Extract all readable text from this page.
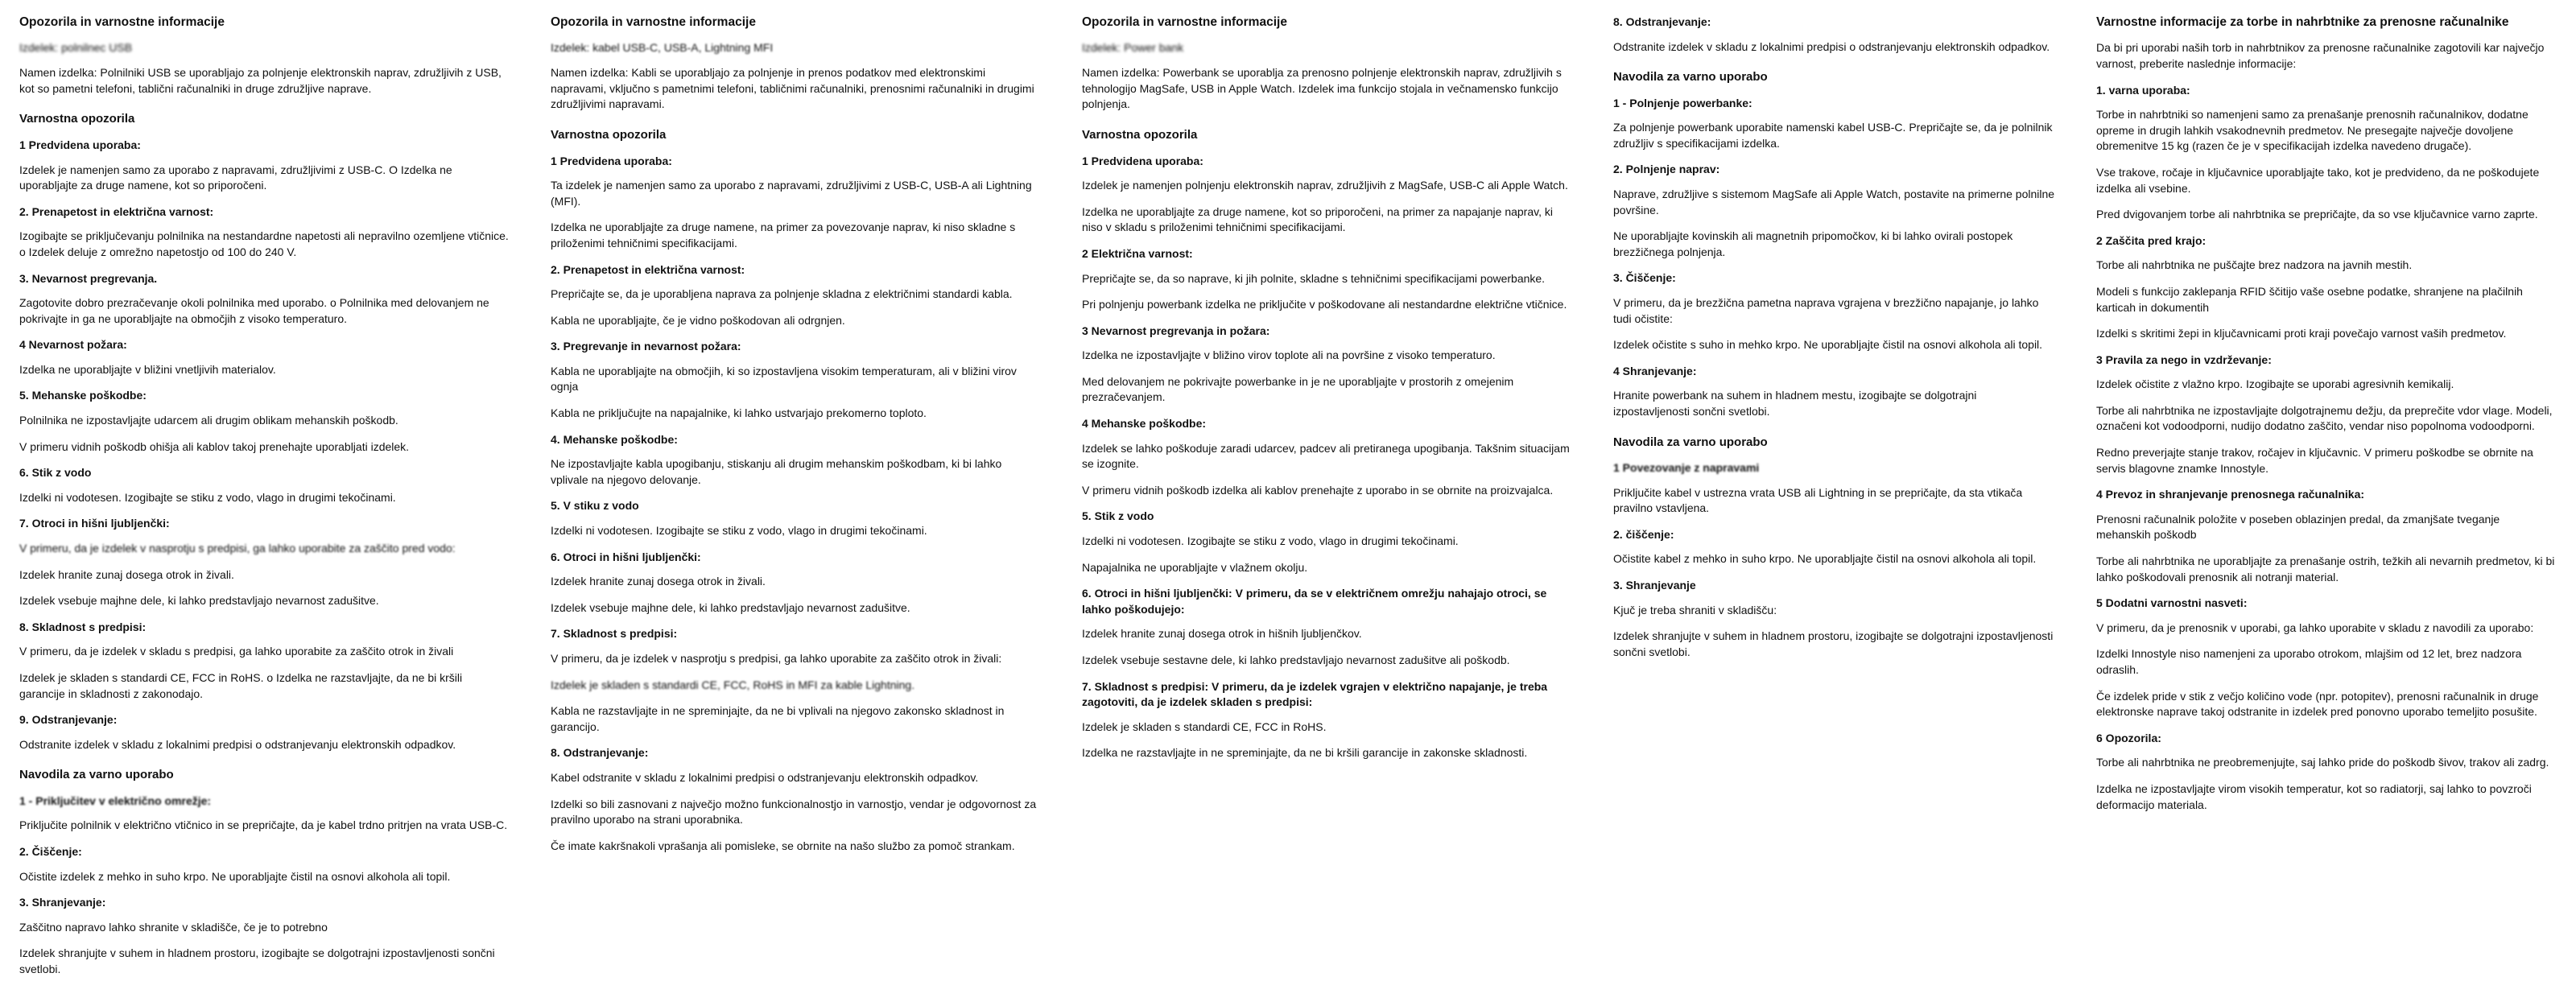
Opozorila in varnostne informacije

Izdelek: polnilnec USB

Namen izdelka: Polnilniki USB se uporabljajo za polnjenje elektronskih naprav, združljivih z USB, kot so pametni telefoni, tablični računalniki in druge združljive naprave.

Varnostna opozorila
1 Predvidena uporaba:

Izdelek je namenjen samo za uporabo z napravami, združljivimi z USB-C. O Izdelka ne uporabljajte za druge namene, kot so priporočeni.

2. Prenapetost in električna varnost:

Izogibajte se priključevanju polnilnika na nestandardne napetosti ali nepravilno ozemljene vtičnice. o Izdelek deluje z omrežno napetostjo od 100 do 240 V.

3. Nevarnost pregrevanja.

Zagotovite dobro prezračevanje okoli polnilnika med uporabo. o Polnilnika med delovanjem ne pokrivajte in ga ne uporabljajte na območjih z visoko temperaturo.

4 Nevarnost požara:

Izdelka ne uporabljajte v bližini vnetljivih materialov.

5. Mehanske poškodbe:

Polnilnika ne izpostavljajte udarcem ali drugim oblikam mehanskih poškodb.

V primeru vidnih poškodb ohišja ali kablov takoj prenehajte uporabljati izdelek.

6. Stik z vodo

Izdelki ni vodotesen. Izogibajte se stiku z vodo, vlago in drugimi tekočinami.

7. Otroci in hišni ljubljenčki:

V primeru, da je izdelek v nasprotju s predpisi, ga lahko uporabite za zaščito pred vodo:

Izdelek hranite zunaj dosega otrok in živali.

Izdelek vsebuje majhne dele, ki lahko predstavljajo nevarnost zadušitve.

8. Skladnost s predpisi:

V primeru, da je izdelek v skladu s predpisi, ga lahko uporabite za zaščito otrok in živali

Izdelek je skladen s standardi CE, FCC in RoHS. o Izdelka ne razstavljajte, da ne bi kršili garancije in skladnosti z zakonodajo.

9. Odstranjevanje:

Odstranite izdelek v skladu z lokalnimi predpisi o odstranjevanju elektronskih odpadkov.

Navodila za varno uporabo
1 - Priključitev v električno omrežje:

Priključite polnilnik v električno vtičnico in se prepričajte, da je kabel trdno pritrjen na vrata USB-C.

2. Čiščenje:

Očistite izdelek z mehko in suho krpo. Ne uporabljajte čistil na osnovi alkohola ali topil.

3. Shranjevanje:

Zaščitno napravo lahko shranite v skladišče, če je to potrebno

Izdelek shranjujte v suhem in hladnem prostoru, izogibajte se dolgotrajni izpostavljenosti sončni svetlobi.

Opozorila in varnostne informacije

Izdelek: kabel USB-C, USB-A, Lightning MFI

Namen izdelka: Kabli se uporabljajo za polnjenje in prenos podatkov med elektronskimi napravami, vključno s pametnimi telefoni, tabličnimi računalniki, prenosnimi računalniki in drugimi združljivimi napravami.

Varnostna opozorila
1 Predvidena uporaba:

Ta izdelek je namenjen samo za uporabo z napravami, združljivimi z USB-C, USB-A ali Lightning (MFI).

Izdelka ne uporabljajte za druge namene, na primer za povezovanje naprav, ki niso skladne s priloženimi tehničnimi specifikacijami.

2. Prenapetost in električna varnost:

Prepričajte se, da je uporabljena naprava za polnjenje skladna z električnimi standardi kabla.

Kabla ne uporabljajte, če je vidno poškodovan ali odrgnjen.

3. Pregrevanje in nevarnost požara:

Kabla ne uporabljajte na območjih, ki so izpostavljena visokim temperaturam, ali v bližini virov ognja

Kabla ne priključujte na napajalnike, ki lahko ustvarjajo prekomerno toploto.

4. Mehanske poškodbe:

Ne izpostavljajte kabla upogibanju, stiskanju ali drugim mehanskim poškodbam, ki bi lahko vplivale na njegovo delovanje.

5. V stiku z vodo

Izdelki ni vodotesen. Izogibajte se stiku z vodo, vlago in drugimi tekočinami.

6. Otroci in hišni ljubljenčki:

Izdelek hranite zunaj dosega otrok in živali.

Izdelek vsebuje majhne dele, ki lahko predstavljajo nevarnost zadušitve.

7. Skladnost s predpisi:

V primeru, da je izdelek v nasprotju s predpisi, ga lahko uporabite za zaščito otrok in živali:

Izdelek je skladen s standardi CE, FCC, RoHS in MFI za kable Lightning.

Kabla ne razstavljajte in ne spreminjajte, da ne bi vplivali na njegovo zakonsko skladnost in garancijo.

8. Odstranjevanje:

Kabel odstranite v skladu z lokalnimi predpisi o odstranjevanju elektronskih odpadkov.

Izdelki so bili zasnovani z največjo možno funkcionalnostjo in varnostjo, vendar je odgovornost za pravilno uporabo na strani uporabnika.

Če imate kakršnakoli vprašanja ali pomisleke, se obrnite na našo službo za pomoč strankam.

Opozorila in varnostne informacije

Izdelek: Power bank

Namen izdelka: Powerbank se uporablja za prenosno polnjenje elektronskih naprav, združljivih s tehnologijo MagSafe, USB in Apple Watch. Izdelek ima funkcijo stojala in večnamensko funkcijo polnjenja.

Varnostna opozorila
1 Predvidena uporaba:

Izdelek je namenjen polnjenju elektronskih naprav, združljivih z MagSafe, USB-C ali Apple Watch.

Izdelka ne uporabljajte za druge namene, kot so priporočeni, na primer za napajanje naprav, ki niso v skladu s priloženimi tehničnimi specifikacijami.

2 Električna varnost:

Prepričajte se, da so naprave, ki jih polnite, skladne s tehničnimi specifikacijami powerbanke.

Pri polnjenju powerbank izdelka ne priključite v poškodovane ali nestandardne električne vtičnice.

3 Nevarnost pregrevanja in požara:

Izdelka ne izpostavljajte v bližino virov toplote ali na površine z visoko temperaturo.

Med delovanjem ne pokrivajte powerbanke in je ne uporabljajte v prostorih z omejenim prezračevanjem.

4 Mehanske poškodbe:

Izdelek se lahko poškoduje zaradi udarcev, padcev ali pretiranega upogibanja. Takšnim situacijam se izognite.

V primeru vidnih poškodb izdelka ali kablov prenehajte z uporabo in se obrnite na proizvajalca.

5. Stik z vodo

Izdelki ni vodotesen. Izogibajte se stiku z vodo, vlago in drugimi tekočinami.

Napajalnika ne uporabljajte v vlažnem okolju.

6. Otroci in hišni ljubljenčki: V primeru, da se v električnem omrežju nahajajo otroci, se lahko poškodujejo:

Izdelek hranite zunaj dosega otrok in hišnih ljubljenčkov.

Izdelek vsebuje sestavne dele, ki lahko predstavljajo nevarnost zadušitve ali poškodb.

7. Skladnost s predpisi: V primeru, da je izdelek vgrajen v električno napajanje, je treba zagotoviti, da je izdelek skladen s predpisi:

Izdelek je skladen s standardi CE, FCC in RoHS.

Izdelka ne razstavljajte in ne spreminjajte, da ne bi kršili garancije in zakonske skladnosti.

8. Odstranjevanje:

Odstranite izdelek v skladu z lokalnimi predpisi o odstranjevanju elektronskih odpadkov.

Navodila za varno uporabo
1 - Polnjenje powerbanke:

Za polnjenje powerbank uporabite namenski kabel USB-C. Prepričajte se, da je polnilnik združljiv s specifikacijami izdelka.

2. Polnjenje naprav:

Naprave, združljive s sistemom MagSafe ali Apple Watch, postavite na primerne polnilne površine.

Ne uporabljajte kovinskih ali magnetnih pripomočkov, ki bi lahko ovirali postopek brezžičnega polnjenja.

3. Čiščenje:

V primeru, da je brezžična pametna naprava vgrajena v brezžično napajanje, jo lahko tudi očistite:

Izdelek očistite s suho in mehko krpo. Ne uporabljajte čistil na osnovi alkohola ali topil.

4 Shranjevanje:

Hranite powerbank na suhem in hladnem mestu, izogibajte se dolgotrajni izpostavljenosti sončni svetlobi.

Navodila za varno uporabo
1 Povezovanje z napravami

Priključite kabel v ustrezna vrata USB ali Lightning in se prepričajte, da sta vtikača pravilno vstavljena.

2. čiščenje:

Očistite kabel z mehko in suho krpo. Ne uporabljajte čistil na osnovi alkohola ali topil.

3. Shranjevanje

Kjuč je treba shraniti v skladišču:

Izdelek shranjujte v suhem in hladnem prostoru, izogibajte se dolgotrajni izpostavljenosti sončni svetlobi.

Varnostne informacije za torbe in nahrbtnike za prenosne računalnike

Da bi pri uporabi naših torb in nahrbtnikov za prenosne računalnike zagotovili kar največjo varnost, preberite naslednje informacije:

1. varna uporaba:

Torbe in nahrbtniki so namenjeni samo za prenašanje prenosnih računalnikov, dodatne opreme in drugih lahkih vsakodnevnih predmetov. Ne presegajte največje dovoljene obremenitve 15 kg (razen če je v specifikacijah izdelka navedeno drugače).

Vse trakove, ročaje in ključavnice uporabljajte tako, kot je predvideno, da ne poškodujete izdelka ali vsebine.

Pred dvigovanjem torbe ali nahrbtnika se prepričajte, da so vse ključavnice varno zaprte.

2 Zaščita pred krajo:

Torbe ali nahrbtnika ne puščajte brez nadzora na javnih mestih.

Modeli s funkcijo zaklepanja RFID ščitijo vaše osebne podatke, shranjene na plačilnih karticah in dokumentih

Izdelki s skritimi žepi in ključavnicami proti kraji povečajo varnost vaših predmetov.

3 Pravila za nego in vzdrževanje:

Izdelek očistite z vlažno krpo. Izogibajte se uporabi agresivnih kemikalij.

Torbe ali nahrbtnika ne izpostavljajte dolgotrajnemu dežju, da preprečite vdor vlage. Modeli, označeni kot vodoodporni, nudijo dodatno zaščito, vendar niso popolnoma vodoodporni.

Redno preverjajte stanje trakov, ročajev in ključavnic. V primeru poškodbe se obrnite na servis blagovne znamke Innostyle.

4 Prevoz in shranjevanje prenosnega računalnika:

Prenosni računalnik položite v poseben oblazinjen predal, da zmanjšate tveganje mehanskih poškodb

Torbe ali nahrbtnika ne uporabljajte za prenašanje ostrih, težkih ali nevarnih predmetov, ki bi lahko poškodovali prenosnik ali notranji material.

5 Dodatni varnostni nasveti:

V primeru, da je prenosnik v uporabi, ga lahko uporabite v skladu z navodili za uporabo:

Izdelki Innostyle niso namenjeni za uporabo otrokom, mlajšim od 12 let, brez nadzora odraslih.

Če izdelek pride v stik z večjo količino vode (npr. potopitev), prenosni računalnik in druge elektronske naprave takoj odstranite in izdelek pred ponovno uporabo temeljito posušite.

6 Opozorila:

Torbe ali nahrbtnika ne preobremenjujte, saj lahko pride do poškodb šivov, trakov ali zadrg.

Izdelka ne izpostavljajte virom visokih temperatur, kot so radiatorji, saj lahko to povzroči deformacijo materiala.
